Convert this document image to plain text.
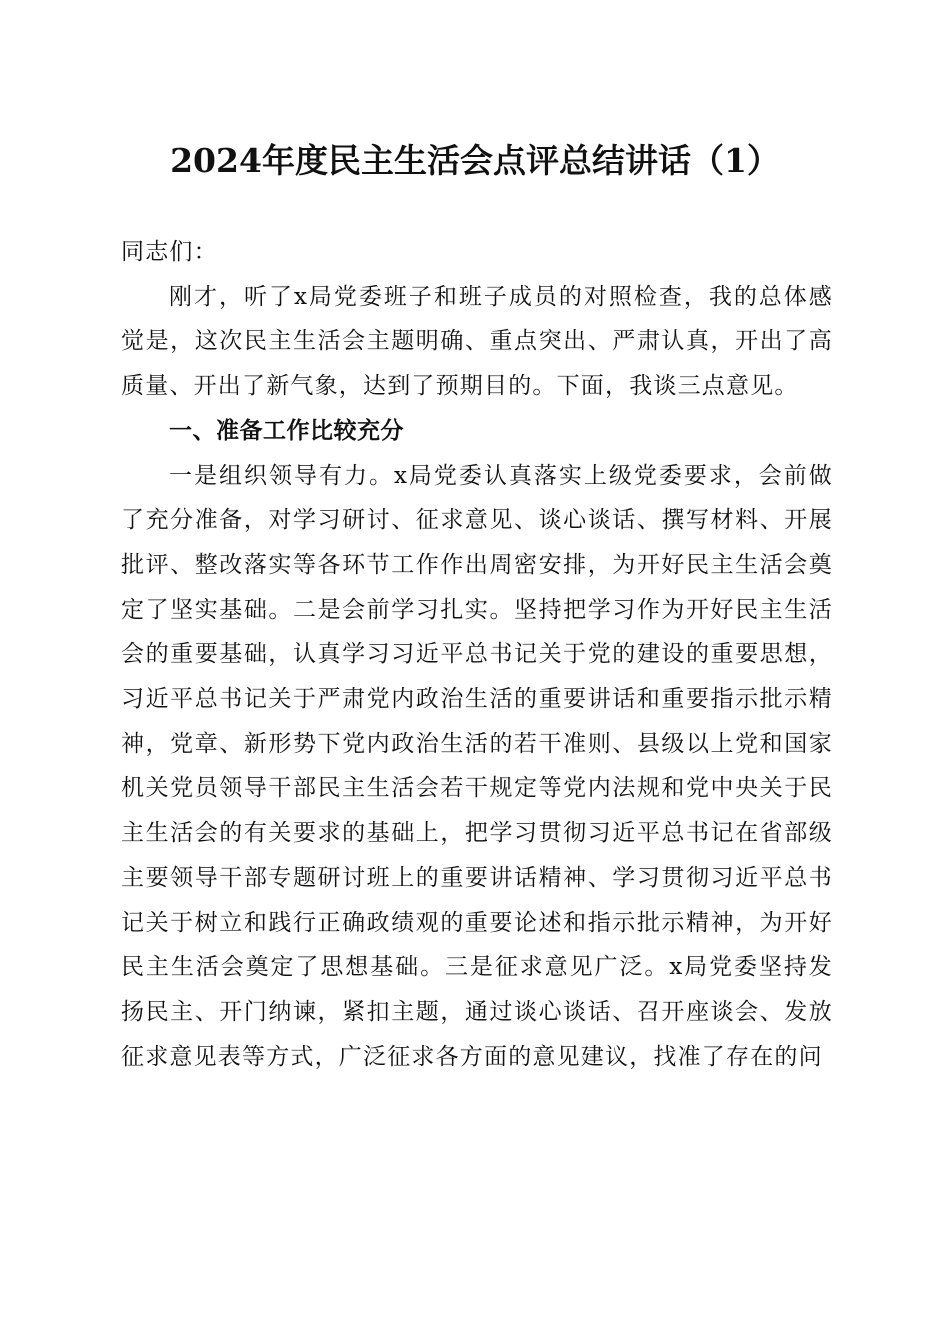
2024年度民主生活会点评总结讲话（1）

同志们：

刚才，听了x局党委班子和班子成员的对照检查，我的总体感觉是，这次民主生活会主题明确、重点突出、严肃认真，开出了高质量、开出了新气象，达到了预期目的。下面，我谈三点意见。

一、准备工作比较充分

一是组织领导有力。x局党委认真落实上级党委要求，会前做了充分准备，对学习研讨、征求意见、谈心谈话、撰写材料、开展批评、整改落实等各环节工作作出周密安排，为开好民主生活会奠定了坚实基础。二是会前学习扎实。坚持把学习作为开好民主生活会的重要基础，认真学习习近平总书记关于党的建设的重要思想，习近平总书记关于严肃党内政治生活的重要讲话和重要指示批示精神，党章、新形势下党内政治生活的若干准则、县级以上党和国家机关党员领导干部民主生活会若干规定等党内法规和党中央关于民主生活会的有关要求的基础上，把学习贯彻习近平总书记在省部级主要领导干部专题研讨班上的重要讲话精神、学习贯彻习近平总书记关于树立和践行正确政绩观的重要论述和指示批示精神，为开好民主生活会奠定了思想基础。三是征求意见广泛。x局党委坚持发扬民主、开门纳谏，紧扣主题，通过谈心谈话、召开座谈会、发放征求意见表等方式，广泛征求各方面的意见建议，找准了存在的问
